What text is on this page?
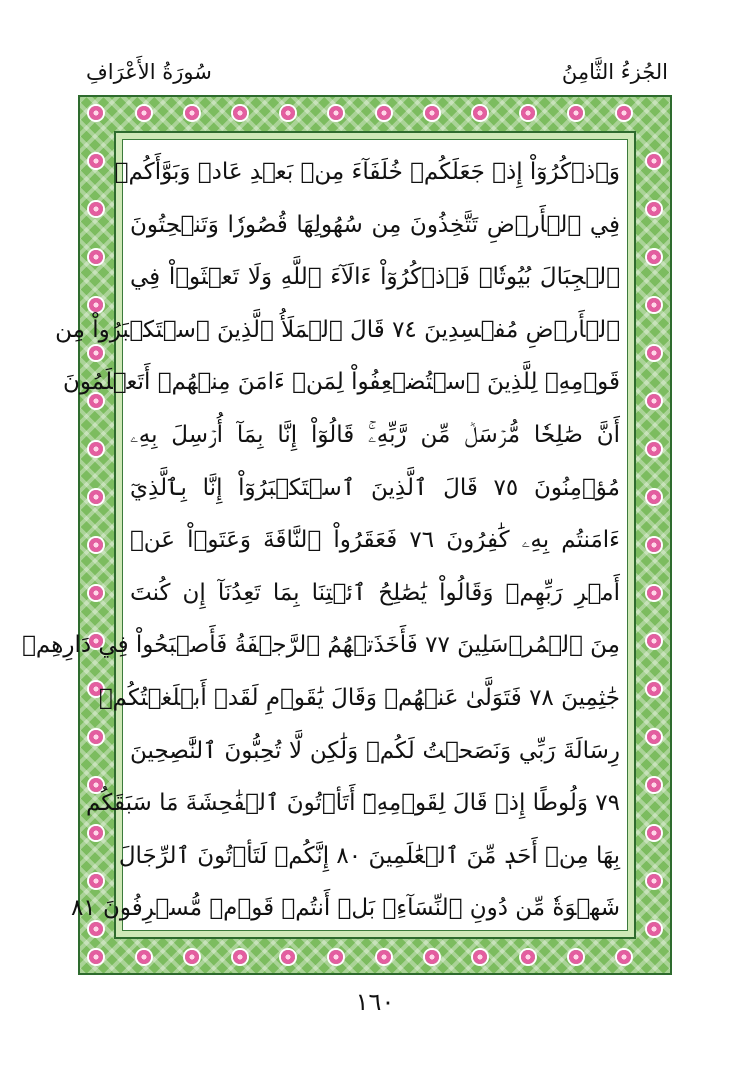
سُورَةُ الأَعْرَافِ	الجُزءُ الثَّامِنُ
وَٱذۡكُرُوٓاْ إِذۡ جَعَلَكُمۡ خُلَفَآءَ مِنۢ بَعۡدِ عَادٖ وَبَوَّأَكُمۡ
فِي ٱلۡأَرۡضِ تَتَّخِذُونَ مِن سُهُولِهَا قُصُورٗا وَتَنۡحِتُونَ
ٱلۡجِبَالَ بُيُوتٗاۖ فَٱذۡكُرُوٓاْ ءَالَآءَ ٱللَّهِ وَلَا تَعۡثَوۡاْ فِي
ٱلۡأَرۡضِ مُفۡسِدِينَ ٧٤ قَالَ ٱلۡمَلَأُ ٱلَّذِينَ ٱسۡتَكۡبَرُواْ مِن
قَوۡمِهِۦ لِلَّذِينَ ٱسۡتُضۡعِفُواْ لِمَنۡ ءَامَنَ مِنۡهُمۡ أَتَعۡلَمُونَ
أَنَّ صَٰلِحٗا مُّرۡسَلٞ مِّن رَّبِّهِۦۚ قَالُوٓاْ إِنَّا بِمَآ أُرۡسِلَ بِهِۦ
مُؤۡمِنُونَ ٧٥ قَالَ ٱلَّذِينَ ٱسۡتَكۡبَرُوٓاْ إِنَّا بِٱلَّذِيٓ
ءَامَنتُم بِهِۦ كَٰفِرُونَ ٧٦ فَعَقَرُواْ ٱلنَّاقَةَ وَعَتَوۡاْ عَنۡ
أَمۡرِ رَبِّهِمۡ وَقَالُواْ يَٰصَٰلِحُ ٱئۡتِنَا بِمَا تَعِدُنَآ إِن كُنتَ
مِنَ ٱلۡمُرۡسَلِينَ ٧٧ فَأَخَذَتۡهُمُ ٱلرَّجۡفَةُ فَأَصۡبَحُواْ فِي دَارِهِمۡ
جَٰثِمِينَ ٧٨ فَتَوَلَّىٰ عَنۡهُمۡ وَقَالَ يَٰقَوۡمِ لَقَدۡ أَبۡلَغۡتُكُمۡ
رِسَالَةَ رَبِّي وَنَصَحۡتُ لَكُمۡ وَلَٰكِن لَّا تُحِبُّونَ ٱلنَّٰصِحِينَ
٧٩ وَلُوطًا إِذۡ قَالَ لِقَوۡمِهِۦٓ أَتَأۡتُونَ ٱلۡفَٰحِشَةَ مَا سَبَقَكُم
بِهَا مِنۡ أَحَدٖ مِّنَ ٱلۡعَٰلَمِينَ ٨٠ إِنَّكُمۡ لَتَأۡتُونَ ٱلرِّجَالَ
شَهۡوَةٗ مِّن دُونِ ٱلنِّسَآءِۚ بَلۡ أَنتُمۡ قَوۡمٞ مُّسۡرِفُونَ ٨١
١٦٠
